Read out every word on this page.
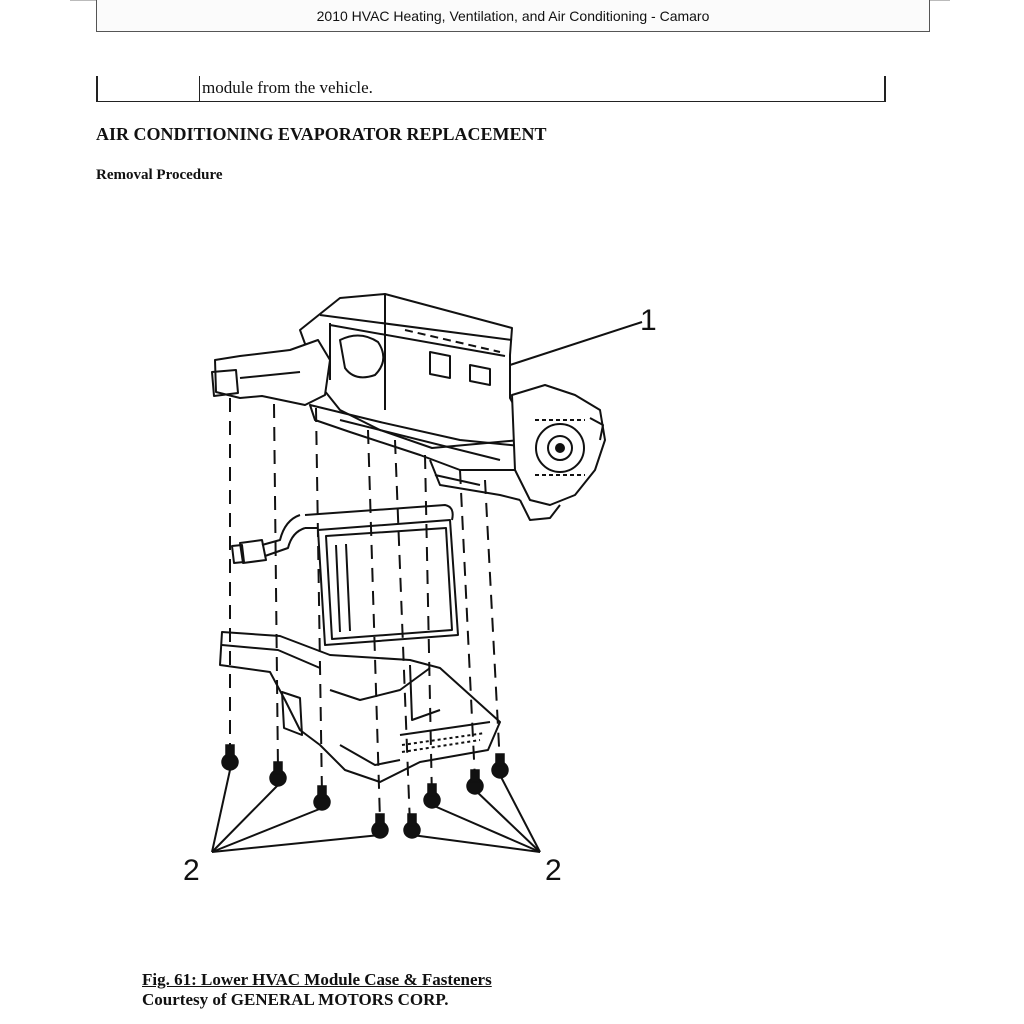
2010 HVAC Heating, Ventilation, and Air Conditioning - Camaro
module from the vehicle.
AIR CONDITIONING EVAPORATOR REPLACEMENT
Removal Procedure
1
2	2
Fig. 61: Lower HVAC Module Case & Fasteners
Courtesy of GENERAL MOTORS CORP.
